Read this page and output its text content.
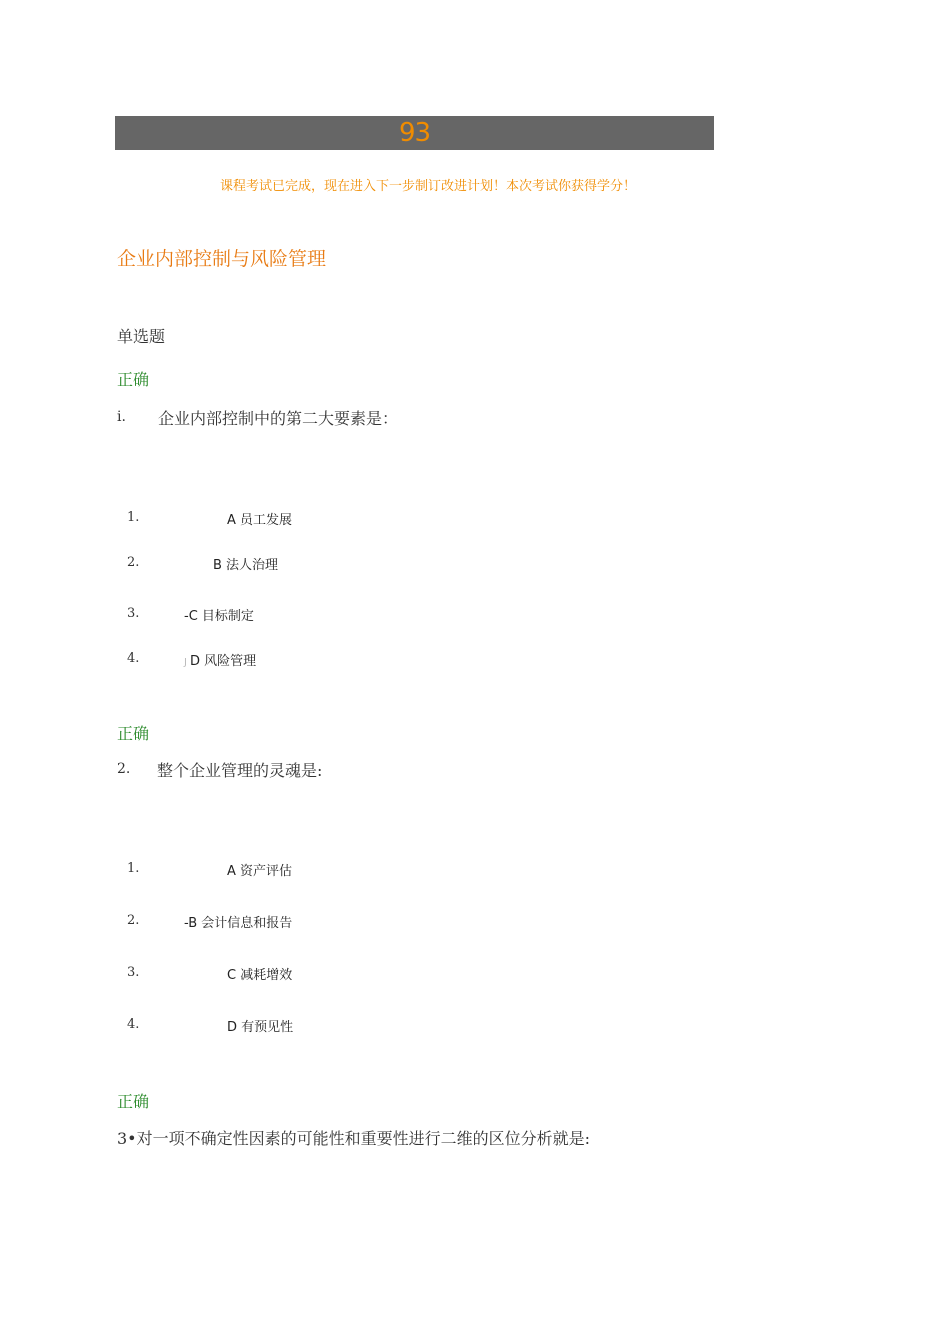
93
课程考试已完成，现在进入下一步制订改进计划！本次考试你获得学分！
企业内部控制与风险管理
单选题
正确
i. 企业内部控制中的第二大要素是：
1.	A 员工发展
2.	B 法人治理
3.	-C 目标制定
4.	J D 风险管理
正确
2. 整个企业管理的灵魂是:
1.	A 资产评估
2.	-B 会计信息和报告
3.	C 减耗增效
4.	D 有预见性
正确
3•对一项不确定性因素的可能性和重要性进行二维的区位分析就是:
